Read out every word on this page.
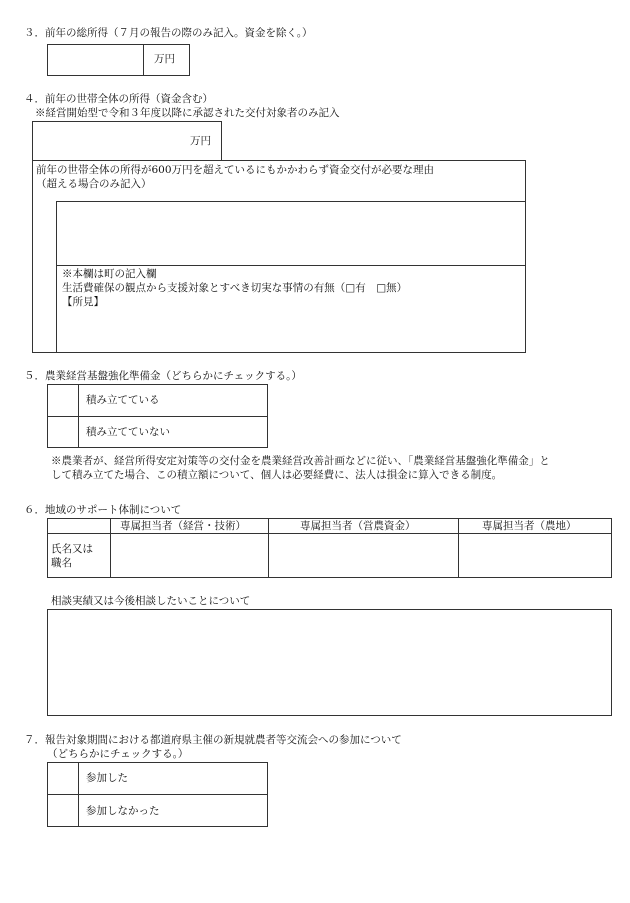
３．前年の総所得（７月の報告の際のみ記入。資金を除く。）
万円
４．前年の世帯全体の所得（資金含む）
※経営開始型で令和３年度以降に承認された交付対象者のみ記入
万円
前年の世帯全体の所得が600万円を超えているにもかかわらず資金交付が必要な理由
（超える場合のみ記入）
※本欄は町の記入欄
生活費確保の観点から支援対象とすべき切実な事情の有無（□有　□無）
【所見】
５．農業経営基盤強化準備金（どちらかにチェックする。）
積み立てている
積み立てていない
※農業者が、経営所得安定対策等の交付金を農業経営改善計画などに従い、「農業経営基盤強化準備金」と
して積み立てた場合、この積立額について、個人は必要経費に、法人は損金に算入できる制度。
６．地域のサポート体制について
専属担当者（経営・技術）	専属担当者（営農資金）	専属担当者（農地）
氏名又は
職名
相談実績又は今後相談したいことについて
７．報告対象期間における都道府県主催の新規就農者等交流会への参加について
（どちらかにチェックする。）
参加した
参加しなかった
